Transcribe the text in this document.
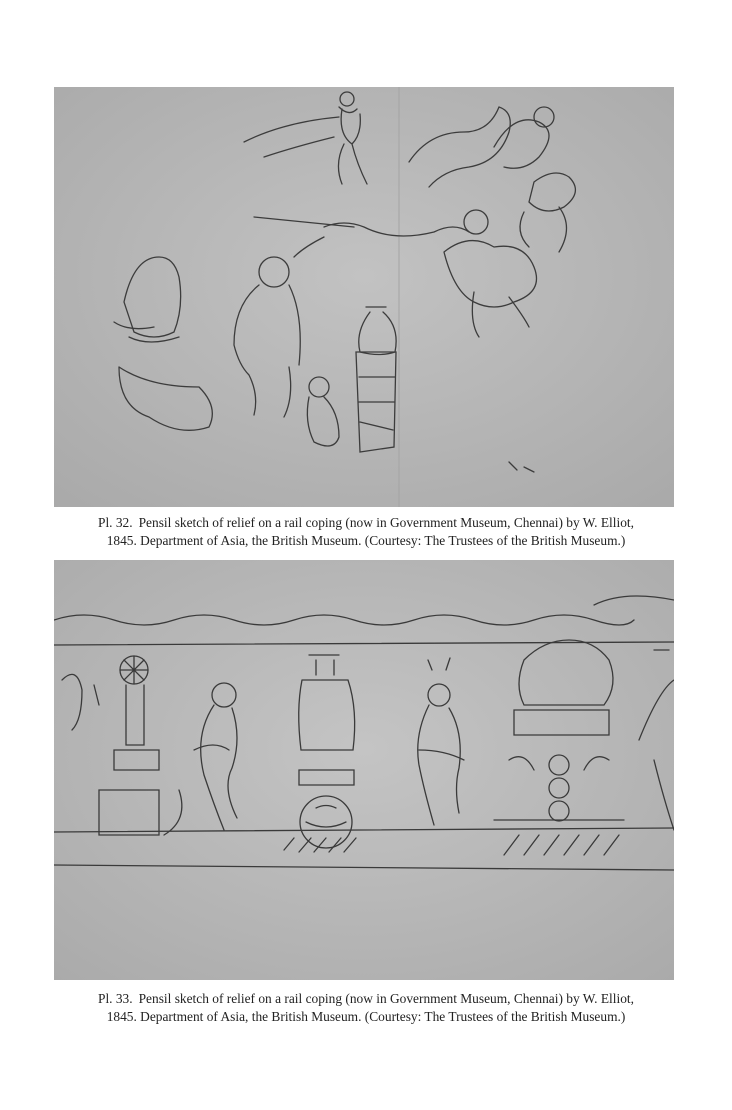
Pl. 32. Pensil sketch of relief on a rail coping (now in Government Museum, Chennai) by W. Elliot,
1845. Department of Asia, the British Museum. (Courtesy: The Trustees of the British Museum.)
Pl. 33. Pensil sketch of relief on a rail coping (now in Government Museum, Chennai) by W. Elliot,
1845. Department of Asia, the British Museum. (Courtesy: The Trustees of the British Museum.)
